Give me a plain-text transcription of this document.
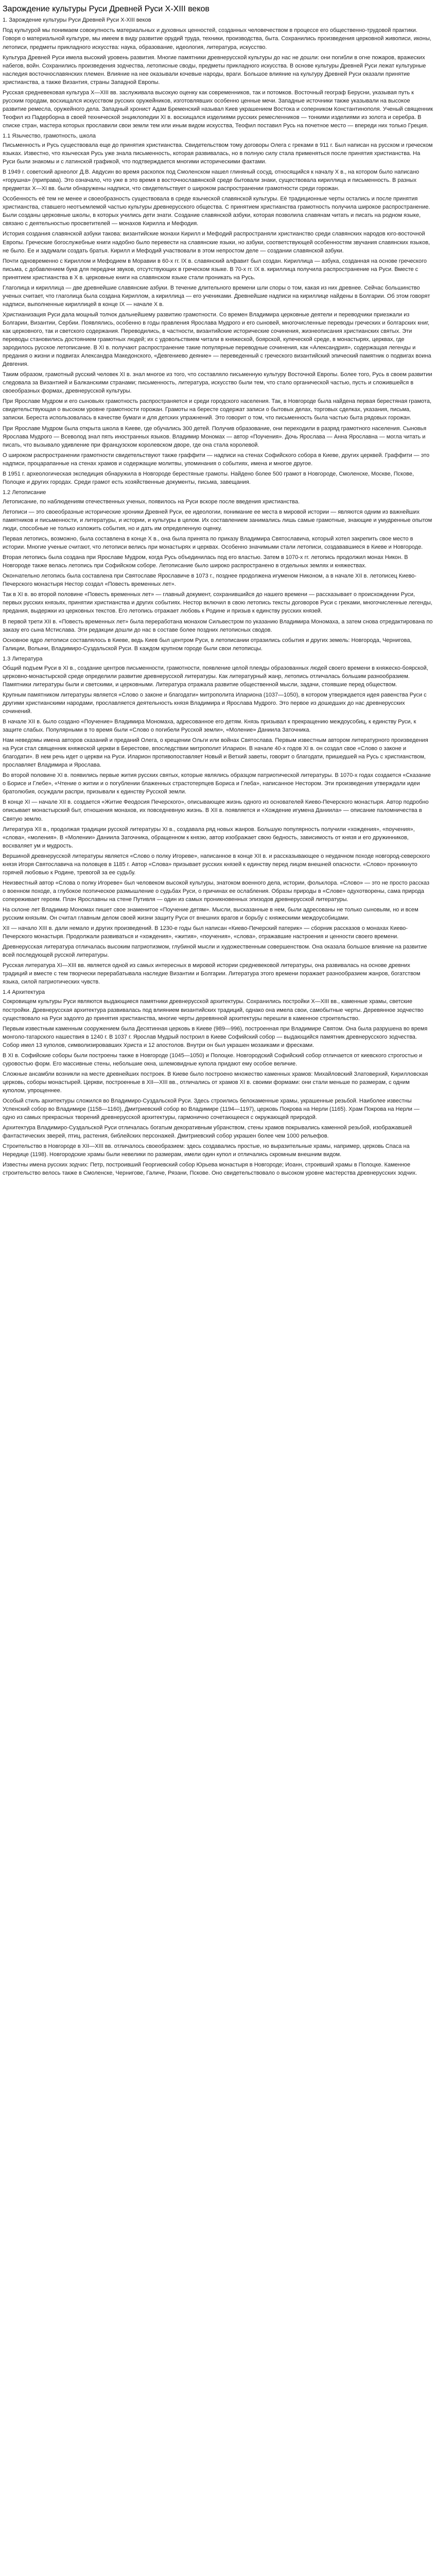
Зарождение культуры Руси Древней Руси X-XIII веков
1. Зарождение культуры Руси Древней Руси X-XIII веков

Под культурой мы понимаем совокупность материальных и духовных ценностей, созданных человечеством в процессе его общественно-трудовой практики. Говоря о материальной культуре, мы имеем в виду развитие орудий труда, техники, производства, быта. Сохранились произведения церковной живописи, иконы, летописи, предметы прикладного искусства: наука, образование, идеология, литература, искусство.

Культура Древней Руси имела высокий уровень развития. Многие памятники древнерусской культуры до нас не дошли: они погибли в огне пожаров, вражеских набегов, войн. Сохранились произведения зодчества, летописные своды, предметы прикладного искусства. В основе культуры Древней Руси лежат культурные наследия восточнославянских племен. Влияние на нее оказывали кочевые народы, враги. Большое влияние на культуру Древней Руси оказали принятие христианства, а также Византия, страны Западной Европы.

Русская средневековая культура X—XIII вв. заслуживала высокую оценку как современников, так и потомков. Восточный географ Берусни, указывая путь к русским городам, восхищался искусством русских оружейников, изготовлявших особенно ценные мечи. Западные источники также указывали на высокое развитие ремесла, оружейного дела. Западный хронист Адам Бременский называл Киев украшением Востока и соперником Константинополя. Ученый священник Теофил из Падерборна в своей технической энциклопедии XI в. восхищался изделиями русских ремесленников — тонкими изделиями из золота и серебра. В списке стран, мастера которых прославили свои земли тем или иным видом искусства, Теофил поставил Русь на почетное место — впереди них только Греция.

1.1 Язычество, грамотность, школа

Письменность и Русь существовала еще до принятия христианства. Свидетельством тому договоры Олега с греками в 911 г. Был написан на русском и греческом языках. Известно, что языческая Русь уже знала письменность, которая развивалась, но в полную силу стала применяться после принятия христианства. На Руси были знакомы и с латинской графикой, что подтверждается многими историческими фактами.

В 1949 г. советский археолог Д.В. Авдусин во время раскопок под Смоленском нашел глиняный сосуд, относящийся к началу X в., на котором было написано «горушна» (приправа). Это означало, что уже в это время в восточнославянской среде бытовали знаки, существовала кириллица и письменность. В разных предметах X—XI вв. были обнаружены надписи, что свидетельствует о широком распространении грамотности среди горожан.

Особенность её тем не менее и своеобразность существовала в среде языческой славянской культуры. Её традиционные черты остались и после принятия христианства, ставшего неотъемлемой частью культуры древнерусского общества. С принятием христианства грамотность получила широкое распространение. Были созданы церковные школы, в которых учились дети знати. Создание славянской азбуки, которая позволила славянам читать и писать на родном языке, связано с деятельностью просветителей — монахов Кирилла и Мефодия.

История создания славянской азбуки такова: византийские монахи Кирилл и Мефодий распространяли христианство среди славянских народов юго-восточной Европы. Греческие богослужебные книги надобно было перевести на славянские языки, но азбуки, соответствующей особенностям звучания славянских языков, не было. Ее и задумали создать братья. Кирилл и Мефодий участвовали в этом непростом деле — создании славянской азбуки.

Почти одновременно с Кириллом и Мефодием в Моравии в 60-х гг. IX в. славянский алфавит был создан. Кириллица — азбука, созданная на основе греческого письма, с добавлением букв для передачи звуков, отсутствующих в греческом языке. В 70-х гг. IX в. кириллица получила распространение на Руси. Вместе с принятием христианства в X в. церковные книги на славянском языке стали проникать на Русь.

Глаголица и кириллица — две древнейшие славянские азбуки. В течение длительного времени шли споры о том, какая из них древнее. Сейчас большинство ученых считает, что глаголица была создана Кириллом, а кириллица — его учениками. Древнейшие надписи на кириллице найдены в Болгарии. Об этом говорят надписи, выполненные кириллицей в конце IX — начале X в.

Христианизация Руси дала мощный толчок дальнейшему развитию грамотности. Со времен Владимира церковные деятели и переводчики приезжали из Болгарии, Византии, Сербии. Появлялись, особенно в годы правления Ярослава Мудрого и его сыновей, многочисленные переводы греческих и болгарских книг, как церковного, так и светского содержания. Переводились, в частности, византийские исторические сочинения, жизнеописания христианских святых. Эти переводы становились достоянием грамотных людей; их с удовольствием читали в княжеской, боярской, купеческой среде, в монастырях, церквах, где зародилось русское летописание. В XI в. получают распространение такие популярные переводные сочинения, как «Александрия», содержащая легенды и предания о жизни и подвигах Александра Македонского, «Девгениево деяние» — переведенный с греческого византийский эпический памятник о подвигах воина Девгения.

Таким образом, грамотный русский человек XI в. знал многое из того, что составляло письменную культуру Восточной Европы. Более того, Русь в своем развитии следовала за Византией и Балканскими странами; письменность, литература, искусство были тем, что стало органической частью, пусть и сложившейся в своеобразных формах, древнерусской культуры.

При Ярославе Мудром и его сыновьях грамотность распространяется и среди городского населения. Так, в Новгороде была найдена первая берестяная грамота, свидетельствующая о высоком уровне грамотности горожан. Грамоты на бересте содержат записи о бытовых делах, торговых сделках, указания, письма, записки. Береста использовалась в качестве бумаги и для детских упражнений. Это говорит о том, что письменность была частью быта рядовых горожан.

При Ярославе Мудром была открыта школа в Киеве, где обучались 300 детей. Получив образование, они переходили в разряд грамотного населения. Сыновья Ярослава Мудрого — Всеволод знал пять иностранных языков. Владимир Мономах — автор «Поучения». Дочь Ярослава — Анна Ярославна — могла читать и писать, что вызывало удивление при французском королевском дворе, где она стала королевой.

О широком распространении грамотности свидетельствуют также граффити — надписи на стенах Софийского собора в Киеве, других церквей. Граффити — это надписи, процарапанные на стенах храмов и содержащие молитвы, упоминания о событиях, имена и многое другое.

В 1951 г. археологическая экспедиция обнаружила в Новгороде берестяные грамоты. Найдено более 500 грамот в Новгороде, Смоленске, Москве, Пскове, Полоцке и других городах. Среди грамот есть хозяйственные документы, письма, завещания.

1.2 Летописание

Летописание, по наблюдениям отечественных ученых, появилось на Руси вскоре после введения христианства.

Летописи — это своеобразные исторические хроники Древней Руси, ее идеологии, понимание ее места в мировой истории — являются одним из важнейших памятников и письменности, и литературы, и истории, и культуры в целом. Их составлением занимались лишь самые грамотные, знающие и умудренные опытом люди, способные не только изложить события, но и дать им определенную оценку.

Первая летопись, возможно, была составлена в конце X в., она была принята по приказу Владимира Святославича, который хотел закрепить свое место в истории. Многие ученые считают, что летописи велись при монастырях и церквах. Особенно значимыми стали летописи, создававшиеся в Киеве и Новгороде.

Вторая летопись была создана при Ярославе Мудром, когда Русь объединилась под его властью. Затем в 1070-х гг. летопись продолжил монах Никон. В Новгороде также велась летопись при Софийском соборе. Летописание было широко распространено в отдельных землях и княжествах.

Окончательно летопись была составлена при Святославе Ярославиче в 1073 г., позднее продолжена игуменом Никоном, а в начале XII в. летописец Киево-Печерского монастыря Нестор создал «Повесть временных лет».

Так в XI в. во второй половине «Повесть временных лет» — главный документ, сохранившийся до нашего времени — рассказывает о происхождении Руси, первых русских князьях, принятии христианства и других событиях. Нестор включил в свою летопись тексты договоров Руси с греками, многочисленные легенды, предания, выдержки из церковных текстов. Его летопись отражает любовь к Родине и призыв к единству русских князей.

В первой трети XII в. «Повесть временных лет» была переработана монахом Сильвестром по указанию Владимира Мономаха, а затем снова отредактирована по заказу его сына Мстислава. Эти редакции дошли до нас в составе более поздних летописных сводов.

Основное ядро летописи составлялось в Киеве, ведь Киев был центром Руси, в летописании отразились события и других земель: Новгорода, Чернигова, Галиции, Волыни, Владимиро-Суздальской Руси. В каждом крупном городе были свои летописцы.

1.3 Литература

Общий подъем Руси в XI в., создание центров письменности, грамотности, появление целой плеяды образованных людей своего времени в княжеско-боярской, церковно-монастырской среде определили развитие древнерусской литературы. Как литературный жанр, летопись отличалась большим разнообразием. Памятники литературы были и светскими, и церковными. Литература отражала развитие общественной мысли, задачи, стоявшие перед обществом.

Крупным памятником литературы является «Слово о законе и благодати» митрополита Илариона (1037—1050), в котором утверждается идея равенства Руси с другими христианскими народами, прославляется деятельность князя Владимира и Ярослава Мудрого. Это первое из дошедших до нас древнерусских сочинений.

В начале XII в. было создано «Поучение» Владимира Мономаха, адресованное его детям. Князь призывал к прекращению междоусобиц, к единству Руси, к защите слабых. Популярными в то время были «Слово о погибели Русской земли», «Моление» Даниила Заточника.

Нам неведомы имена авторов сказаний и преданий Олега, о крещении Ольги или войнах Святослава. Первым известным автором литературного произведения на Руси стал священник княжеской церкви в Берестове, впоследствии митрополит Иларион. В начале 40-х годов XI в. он создал свое «Слово о законе и благодати». В нем речь идет о церкви на Руси. Иларион противопоставляет Новый и Ветхий заветы, говорит о благодати, пришедшей на Русь с христианством, прославляет Владимира и Ярослава.

Во второй половине XI в. появились первые жития русских святых, которые являлись образцом патриотической литературы. В 1070-х годах создается «Сказание о Борисе и Глебе», «Чтение о житии и о погублении блаженных страстотерпцев Бориса и Глеба», написанное Нестором. Эти произведения утверждали идеи братолюбия, осуждали распри, призывали к единству Русской земли.

В конце XI — начале XII в. создается «Житие Феодосия Печерского», описывающее жизнь одного из основателей Киево-Печерского монастыря. Автор подробно описывает монастырский быт, отношения монахов, их повседневную жизнь. В XII в. появляется и «Хождение игумена Даниила» — описание паломничества в Святую землю.

Литература XII в., продолжая традиции русской литературы XI в., создавала ряд новых жанров. Большую популярность получили «хождения», «поучения», «слова», «моления». В «Молении» Даниила Заточника, обращенном к князю, автор изображает свою бедность, зависимость от князя и его дружинников, восхваляет ум и мудрость.

Вершиной древнерусской литературы является «Слово о полку Игореве», написанное в конце XII в. и рассказывающее о неудачном походе новгород-северского князя Игоря Святославича на половцев в 1185 г. Автор «Слова» призывает русских князей к единству перед лицом внешней опасности. «Слово» проникнуто горячей любовью к Родине, тревогой за ее судьбу.

Неизвестный автор «Слова о полку Игореве» был человеком высокой культуры, знатоком военного дела, истории, фольклора. «Слово» — это не просто рассказ о военном походе, а глубокое поэтическое размышление о судьбах Руси, о причинах ее ослабления. Образы природы в «Слове» одухотворены, сама природа сопереживает героям. Плач Ярославны на стене Путивля — один из самых проникновенных эпизодов древнерусской литературы.

На склоне лет Владимир Мономах пишет свое знаменитое «Поучение детям». Мысли, высказанные в нем, были адресованы не только сыновьям, но и всем русским князьям. Он считал главным делом своей жизни защиту Руси от внешних врагов и борьбу с княжескими междоусобицами.

XII — начало XIII в. дали немало и других произведений. В 1230-е годы был написан «Киево-Печерский патерик» — сборник рассказов о монахах Киево-Печерского монастыря. Продолжали развиваться и «хождения», «жития», «поучения», «слова», отражавшие настроения и ценности своего времени.

Древнерусская литература отличалась высоким патриотизмом, глубиной мысли и художественным совершенством. Она оказала большое влияние на развитие всей последующей русской литературы.

Русская литература XI—XIII вв. является одной из самых интересных в мировой истории средневековой литературы, она развивалась на основе древних традиций и вместе с тем творчески перерабатывала наследие Византии и Болгарии. Литература этого времени поражает разнообразием жанров, богатством языка, силой патриотических чувств.

1.4 Архитектура

Сокровищем культуры Руси являются выдающиеся памятники древнерусской архитектуры. Сохранились постройки X—XIII вв., каменные храмы, светские постройки. Древнерусская архитектура развивалась под влиянием византийских традиций, однако она имела свои, самобытные черты. Деревянное зодчество существовало на Руси задолго до принятия христианства, многие черты деревянной архитектуры перешли в каменное строительство.

Первым известным каменным сооружением была Десятинная церковь в Киеве (989—996), построенная при Владимире Святом. Она была разрушена во время монголо-татарского нашествия в 1240 г. В 1037 г. Ярослав Мудрый построил в Киеве Софийский собор — выдающийся памятник древнерусского зодчества. Собор имел 13 куполов, символизировавших Христа и 12 апостолов. Внутри он был украшен мозаиками и фресками.

В XI в. Софийские соборы были построены также в Новгороде (1045—1050) и Полоцке. Новгородский Софийский собор отличается от киевского строгостью и суровостью форм. Его массивные стены, небольшие окна, шлемовидные купола придают ему особое величие.

Сложные ансамбли возникли на месте древнейших построек. В Киеве было построено множество каменных храмов: Михайловский Златоверхий, Кирилловская церковь, соборы монастырей. Церкви, построенные в XII—XIII вв., отличались от храмов XI в. своими формами: они стали меньше по размерам, с одним куполом, упрощеннее.

Особый стиль архитектуры сложился во Владимиро-Суздальской Руси. Здесь строились белокаменные храмы, украшенные резьбой. Наиболее известны Успенский собор во Владимире (1158—1160), Дмитриевский собор во Владимире (1194—1197), церковь Покрова на Нерли (1165). Храм Покрова на Нерли — одно из самых прекрасных творений древнерусской архитектуры, гармонично сочетающееся с окружающей природой.

Архитектура Владимиро-Суздальской Руси отличалась богатым декоративным убранством, стены храмов покрывались каменной резьбой, изображавшей фантастических зверей, птиц, растения, библейских персонажей. Дмитриевский собор украшен более чем 1000 рельефов.

Строительство в Новгороде в XII—XIII вв. отличалось своеобразием: здесь создавались простые, но выразительные храмы, например, церковь Спаса на Нередице (1198). Новгородские храмы были невелики по размерам, имели один купол и отличались скромным внешним видом.

Известны имена русских зодчих: Петр, построивший Георгиевский собор Юрьева монастыря в Новгороде; Иоанн, строивший храмы в Полоцке. Каменное строительство велось также в Смоленске, Чернигове, Галиче, Рязани, Пскове. Оно свидетельствовало о высоком уровне мастерства древнерусских зодчих.
